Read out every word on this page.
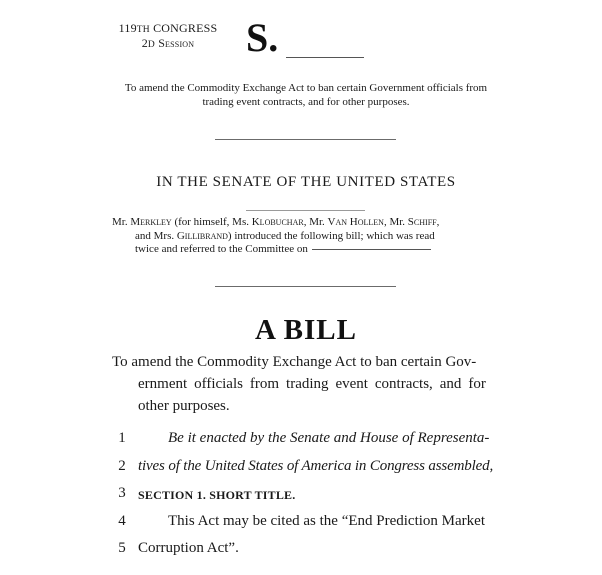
119TH CONGRESS
2D Session	S.
To amend the Commodity Exchange Act to ban certain Government officials from trading event contracts, and for other purposes.
IN THE SENATE OF THE UNITED STATES
Mr. Merkley (for himself, Ms. Klobuchar, Mr. Van Hollen, Mr. Schiff,
and Mrs. Gillibrand) introduced the following bill; which was read
twice and referred to the Committee on
A BILL
To amend the Commodity Exchange Act to ban certain Gov-
ernment officials from trading event contracts, and for
other purposes.
1	Be it enacted by the Senate and House of Representa-
2 tives of the United States of America in Congress assembled,
3 SECTION 1. SHORT TITLE.
4	This Act may be cited as the “End Prediction Market
5 Corruption Act”.
